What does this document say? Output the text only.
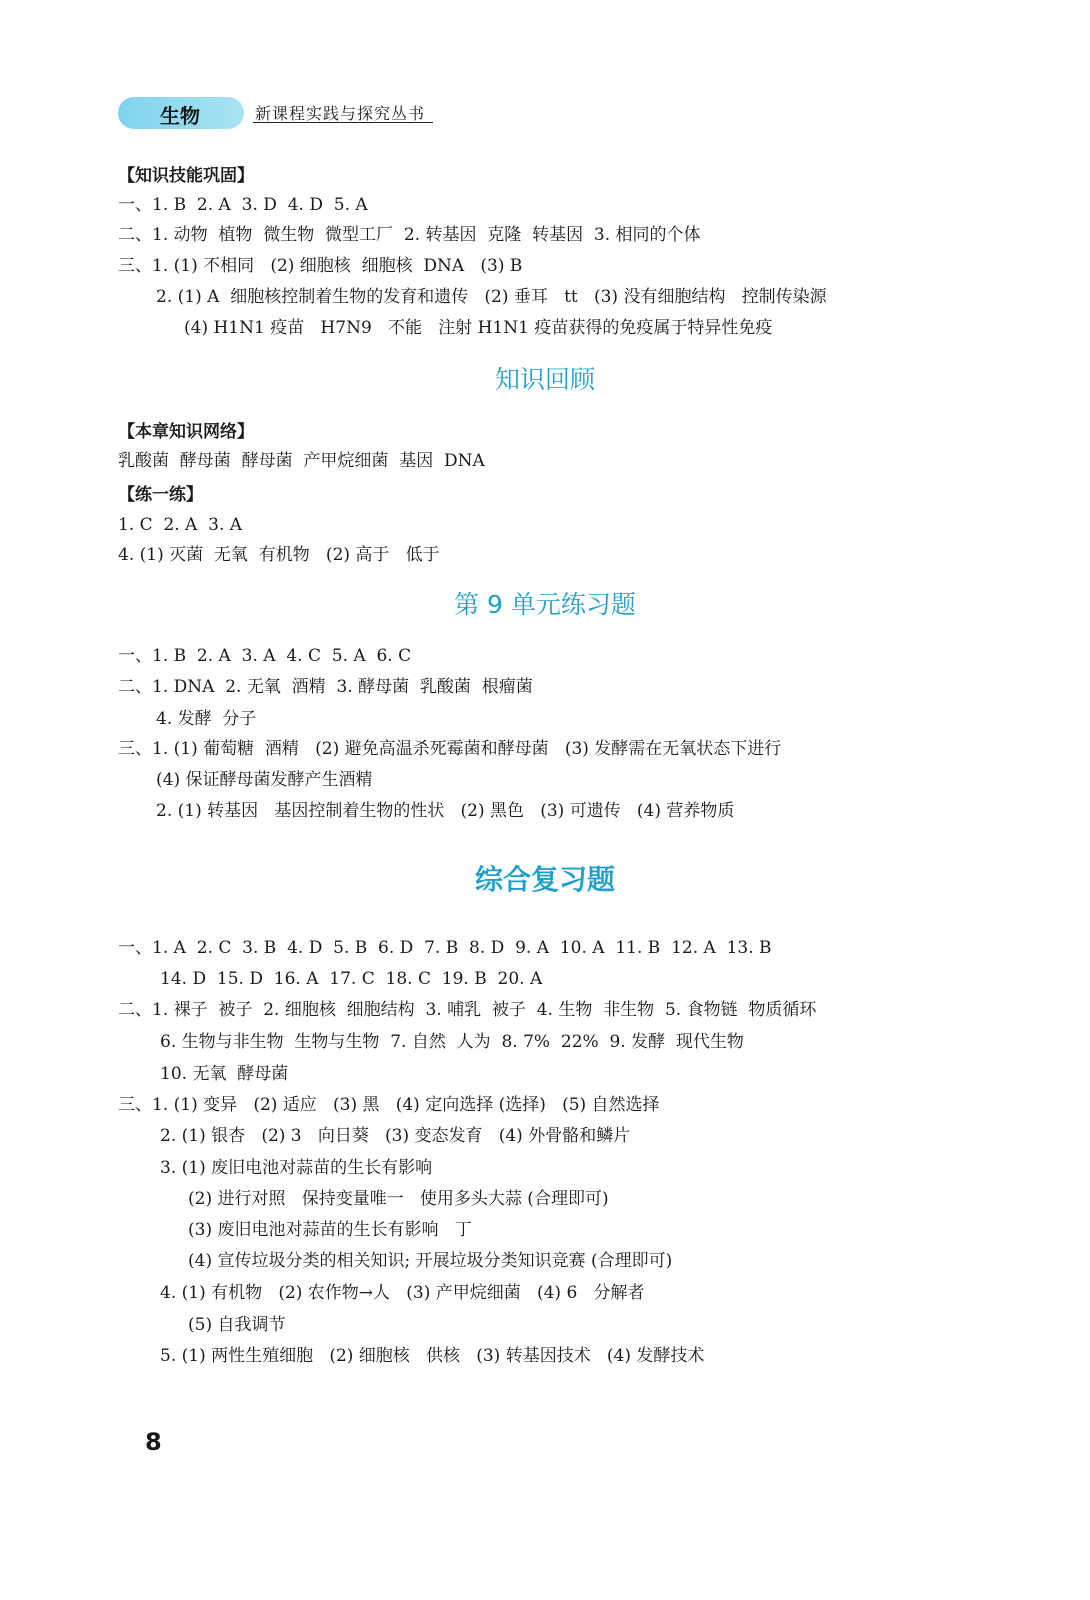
生物	新课程实践与探究丛书
【知识技能巩固】
一、1. B  2. A  3. D  4. D  5. A
二、1. 动物  植物  微生物  微型工厂  2. 转基因  克隆  转基因  3. 相同的个体
三、1. (1) 不相同   (2) 细胞核  细胞核  DNA   (3) B
2. (1) A  细胞核控制着生物的发育和遗传   (2) 垂耳   tt   (3) 没有细胞结构   控制传染源
(4) H1N1 疫苗   H7N9   不能   注射 H1N1 疫苗获得的免疫属于特异性免疫
知识回顾
【本章知识网络】
乳酸菌  酵母菌  酵母菌  产甲烷细菌  基因  DNA
【练一练】
1. C  2. A  3. A
4. (1) 灭菌  无氧  有机物   (2) 高于   低于
第 9 单元练习题
一、1. B  2. A  3. A  4. C  5. A  6. C
二、1. DNA  2. 无氧  酒精  3. 酵母菌  乳酸菌  根瘤菌
4. 发酵  分子
三、1. (1) 葡萄糖  酒精   (2) 避免高温杀死霉菌和酵母菌   (3) 发酵需在无氧状态下进行
(4) 保证酵母菌发酵产生酒精
2. (1) 转基因   基因控制着生物的性状   (2) 黑色   (3) 可遗传   (4) 营养物质
综合复习题
一、1. A  2. C  3. B  4. D  5. B  6. D  7. B  8. D  9. A  10. A  11. B  12. A  13. B
14. D  15. D  16. A  17. C  18. C  19. B  20. A
二、1. 裸子  被子  2. 细胞核  细胞结构  3. 哺乳  被子  4. 生物  非生物  5. 食物链  物质循环
6. 生物与非生物  生物与生物  7. 自然  人为  8. 7%  22%  9. 发酵  现代生物
10. 无氧  酵母菌
三、1. (1) 变异   (2) 适应   (3) 黑   (4) 定向选择 (选择)   (5) 自然选择
2. (1) 银杏   (2) 3   向日葵   (3) 变态发育   (4) 外骨骼和鳞片
3. (1) 废旧电池对蒜苗的生长有影响
(2) 进行对照   保持变量唯一   使用多头大蒜 (合理即可)
(3) 废旧电池对蒜苗的生长有影响   丁
(4) 宣传垃圾分类的相关知识; 开展垃圾分类知识竞赛 (合理即可)
4. (1) 有机物   (2) 农作物→人   (3) 产甲烷细菌   (4) 6   分解者
(5) 自我调节
5. (1) 两性生殖细胞   (2) 细胞核   供核   (3) 转基因技术   (4) 发酵技术
8
